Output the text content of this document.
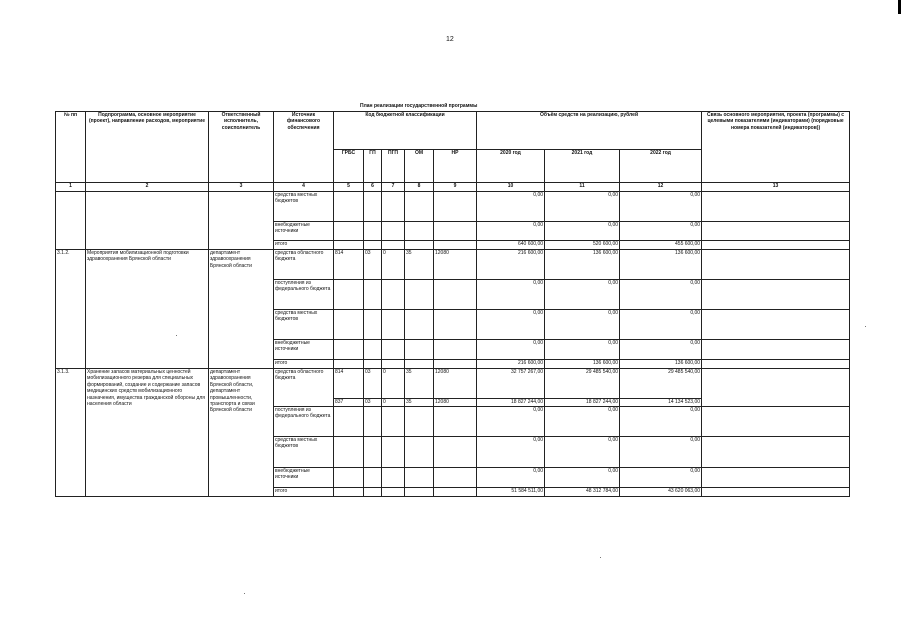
12
План реализации государственной программы
№ пп	Подпрограмма, основное мероприятие (проект), направление расходов, мероприятие	Ответственный исполнитель, соисполнитель	Источник финансового обеспечения	Код бюджетной классификации					Объём средств на реализацию, рублей			Связь основного мероприятия, проекта (программы) с целевыми показателями (индикаторами) (порядковые номера показателей (индикаторов))
				ГРБС	ГП	ПГП	ОМ	НР	2020 год	2021 год	2022 год	
1	2	3	4	5	6	7	8	9	10	11	12	13
			средства местных бюджетов						0,00	0,00	0,00	
			внебюджетные источники						0,00	0,00	0,00	
			итого						640 600,00	520 600,00	455 600,00	
3.1.2.	Мероприятия мобилизационной подготовки здравоохранения Брянской области	департамент здравоохранения Брянской области	средства областного бюджета	814	03	0	35	12080	216 600,00	136 600,00	136 600,00	
			поступления из федерального бюджета						0,00	0,00	0,00	
			средства местных бюджетов						0,00	0,00	0,00	
			внебюджетные источники						0,00	0,00	0,00	
			итого						216 600,00	136 600,00	136 600,00	
3.1.3.	Хранение запасов материальных ценностей мобилизационного резерва для специальных формирований, создание и содержание запасов медицинских средств мобилизационного назначения, имущества гражданской обороны для населения области	департамент здравоохранения Брянской области, департамент промышленности, транспорта и связи Брянской области	средства областного бюджета	814	03	0	35	12080	32 757 267,00	29 485 540,00	29 485 540,00	
				837	03	0	35	12080	18 827 244,00	18 827 244,00	14 134 523,00	
			поступления из федерального бюджета						0,00	0,00	0,00	
			средства местных бюджетов						0,00	0,00	0,00	
			внебюджетные источники						0,00	0,00	0,00	
			итого						51 584 511,00	48 312 784,00	43 620 063,00	
